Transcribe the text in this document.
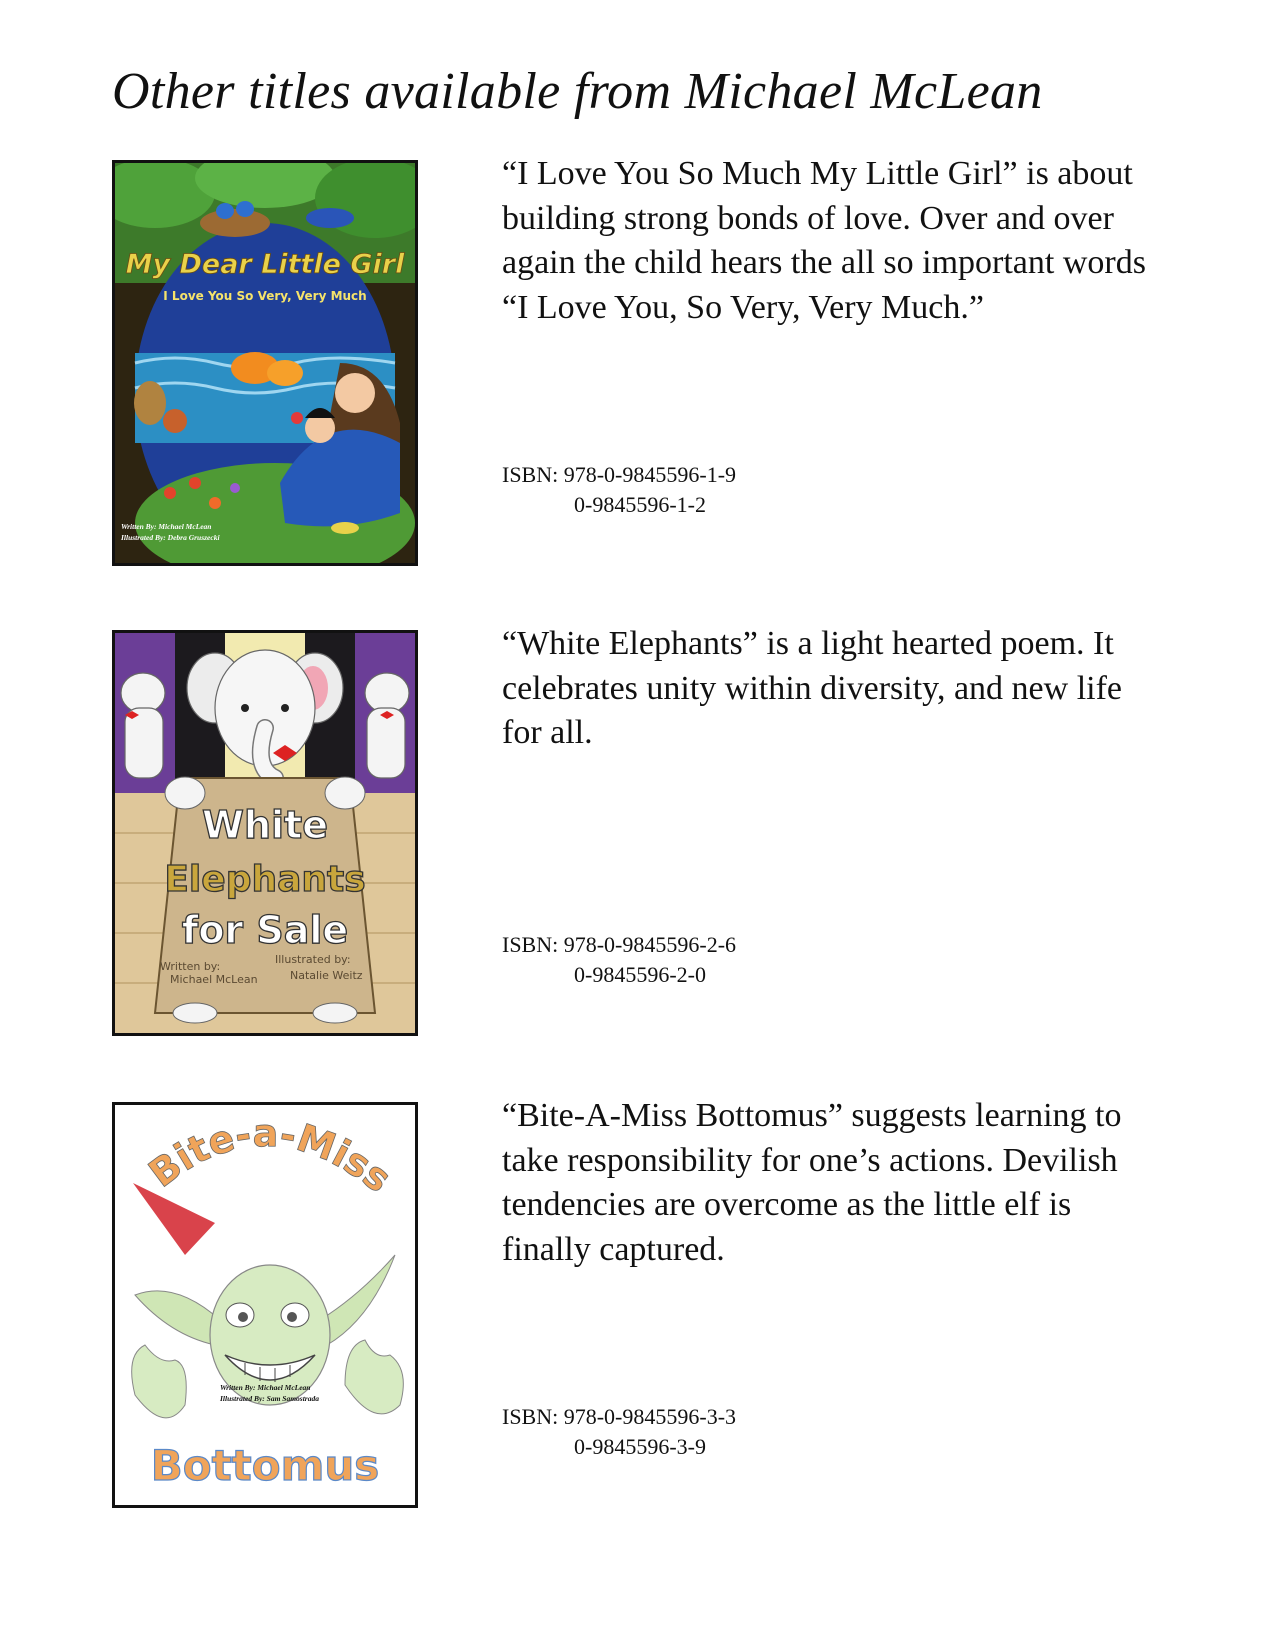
Other titles available from Michael McLean
My Dear Little Girl
I Love You So Very, Very Much
Written By: Michael McLean
Illustrated By: Debra Gruszecki

“I Love You So Much My Little Girl” is about building strong bonds of love. Over and over again the child hears the all so important words “I Love You, So Very, Very Much.”

ISBN: 978-0-9845596-1-9
0-9845596-1-2
White
Elephants
for Sale
Written by:
Michael McLean
Illustrated by:
Natalie Weitz

“White Elephants” is a light hearted poem. It celebrates unity within diversity, and new life for all.

ISBN: 978-0-9845596-2-6
0-9845596-2-0
Bite-a-Miss
Written By: Michael McLean
Illustrated By: Sam Samostrada
Bottomus

“Bite-A-Miss Bottomus” suggests learning to take responsibility for one’s actions. Devilish tendencies are overcome as the little elf is finally captured.

ISBN: 978-0-9845596-3-3
0-9845596-3-9
